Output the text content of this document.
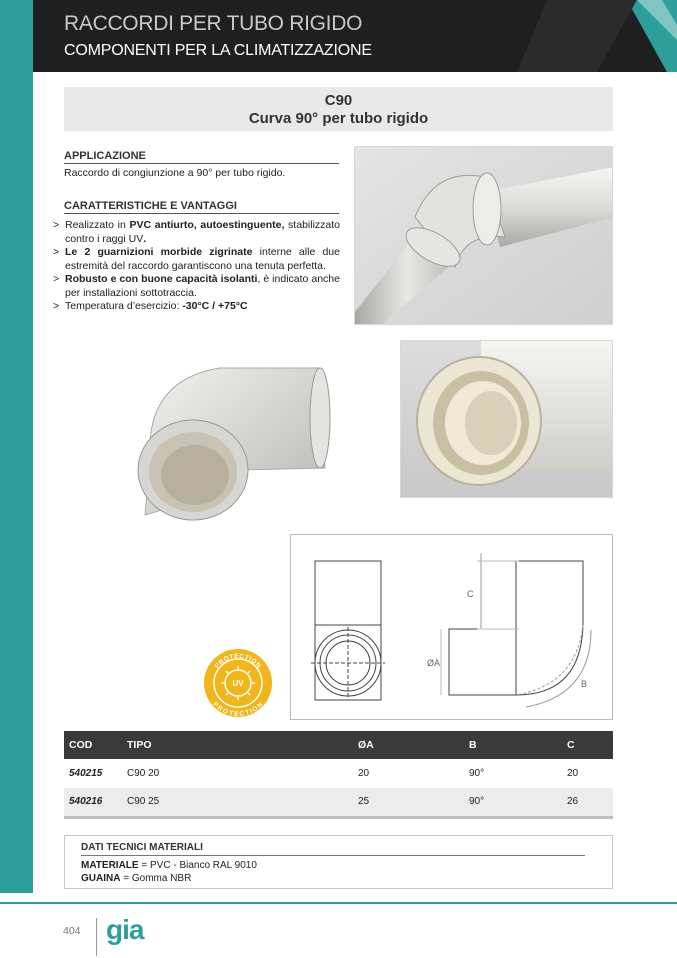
RACCORDI PER TUBO RIGIDO
COMPONENTI PER LA CLIMATIZZAZIONE
C90
Curva 90° per tubo rigido
APPLICAZIONE
Raccordo di congiunzione a 90° per tubo rigido.
CARATTERISTICHE E VANTAGGI
> Realizzato in PVC antiurto, autoestinguente, stabilizzato contro i raggi UV.
> Le 2 guarnizioni morbide zigrinate interne alle due estremità del raccordo garantiscono una tenuta perfetta.
> Robusto e con buone capacità isolanti, è indicato anche per installazioni sottotraccia.
> Temperatura d’esercizio: -30°C / +75°C
PROTECTION
PROTECTION
UV
C
ØA
B
COD	TIPO	ØA	B	C
540215	C90 20	20	90°	20
540216	C90 25	25	90°	26
DATI TECNICI MATERIALI
MATERIALE = PVC - Bianco RAL 9010
GUAINA = Gomma NBR
404 gia
